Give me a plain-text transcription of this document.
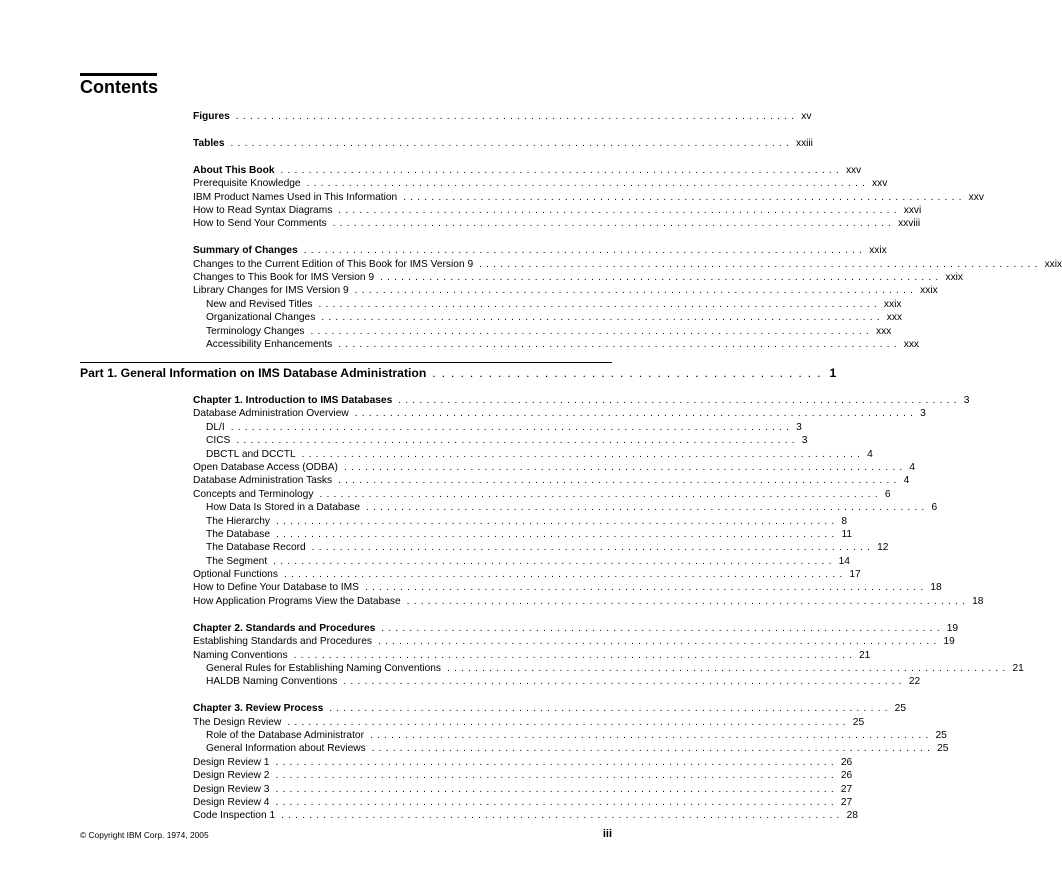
Contents
Figures ................................................................................ xv
Tables ................................................................................ xxiii
About This Book ................................................................................ xxv
Prerequisite Knowledge ................................................................................ xxv
IBM Product Names Used in This Information ................................................................................ xxv
How to Read Syntax Diagrams ................................................................................ xxvi
How to Send Your Comments ................................................................................ xxviii
Summary of Changes ................................................................................ xxix
Changes to the Current Edition of This Book for IMS Version 9 ................................................................................ xxix
Changes to This Book for IMS Version 9 ................................................................................ xxix
Library Changes for IMS Version 9 ................................................................................ xxix
New and Revised Titles ................................................................................ xxix
Organizational Changes ................................................................................ xxx
Terminology Changes ................................................................................ xxx
Accessibility Enhancements ................................................................................ xxx
Part 1. General Information on IMS Database Administration .......................................... 1
Chapter 1. Introduction to IMS Databases ................................................................................ 3
Database Administration Overview ................................................................................ 3
DL/I ................................................................................ 3
CICS ................................................................................ 3
DBCTL and DCCTL ................................................................................ 4
Open Database Access (ODBA) ................................................................................ 4
Database Administration Tasks ................................................................................ 4
Concepts and Terminology ................................................................................ 6
How Data Is Stored in a Database ................................................................................ 6
The Hierarchy ................................................................................ 8
The Database ................................................................................ 11
The Database Record ................................................................................ 12
The Segment ................................................................................ 14
Optional Functions ................................................................................ 17
How to Define Your Database to IMS ................................................................................ 18
How Application Programs View the Database ................................................................................ 18
Chapter 2. Standards and Procedures ................................................................................ 19
Establishing Standards and Procedures ................................................................................ 19
Naming Conventions ................................................................................ 21
General Rules for Establishing Naming Conventions ................................................................................ 21
HALDB Naming Conventions ................................................................................ 22
Chapter 3. Review Process ................................................................................ 25
The Design Review ................................................................................ 25
Role of the Database Administrator ................................................................................ 25
General Information about Reviews ................................................................................ 25
Design Review 1 ................................................................................ 26
Design Review 2 ................................................................................ 26
Design Review 3 ................................................................................ 27
Design Review 4 ................................................................................ 27
Code Inspection 1 ................................................................................ 28
© Copyright IBM Corp. 1974, 2005	iii
